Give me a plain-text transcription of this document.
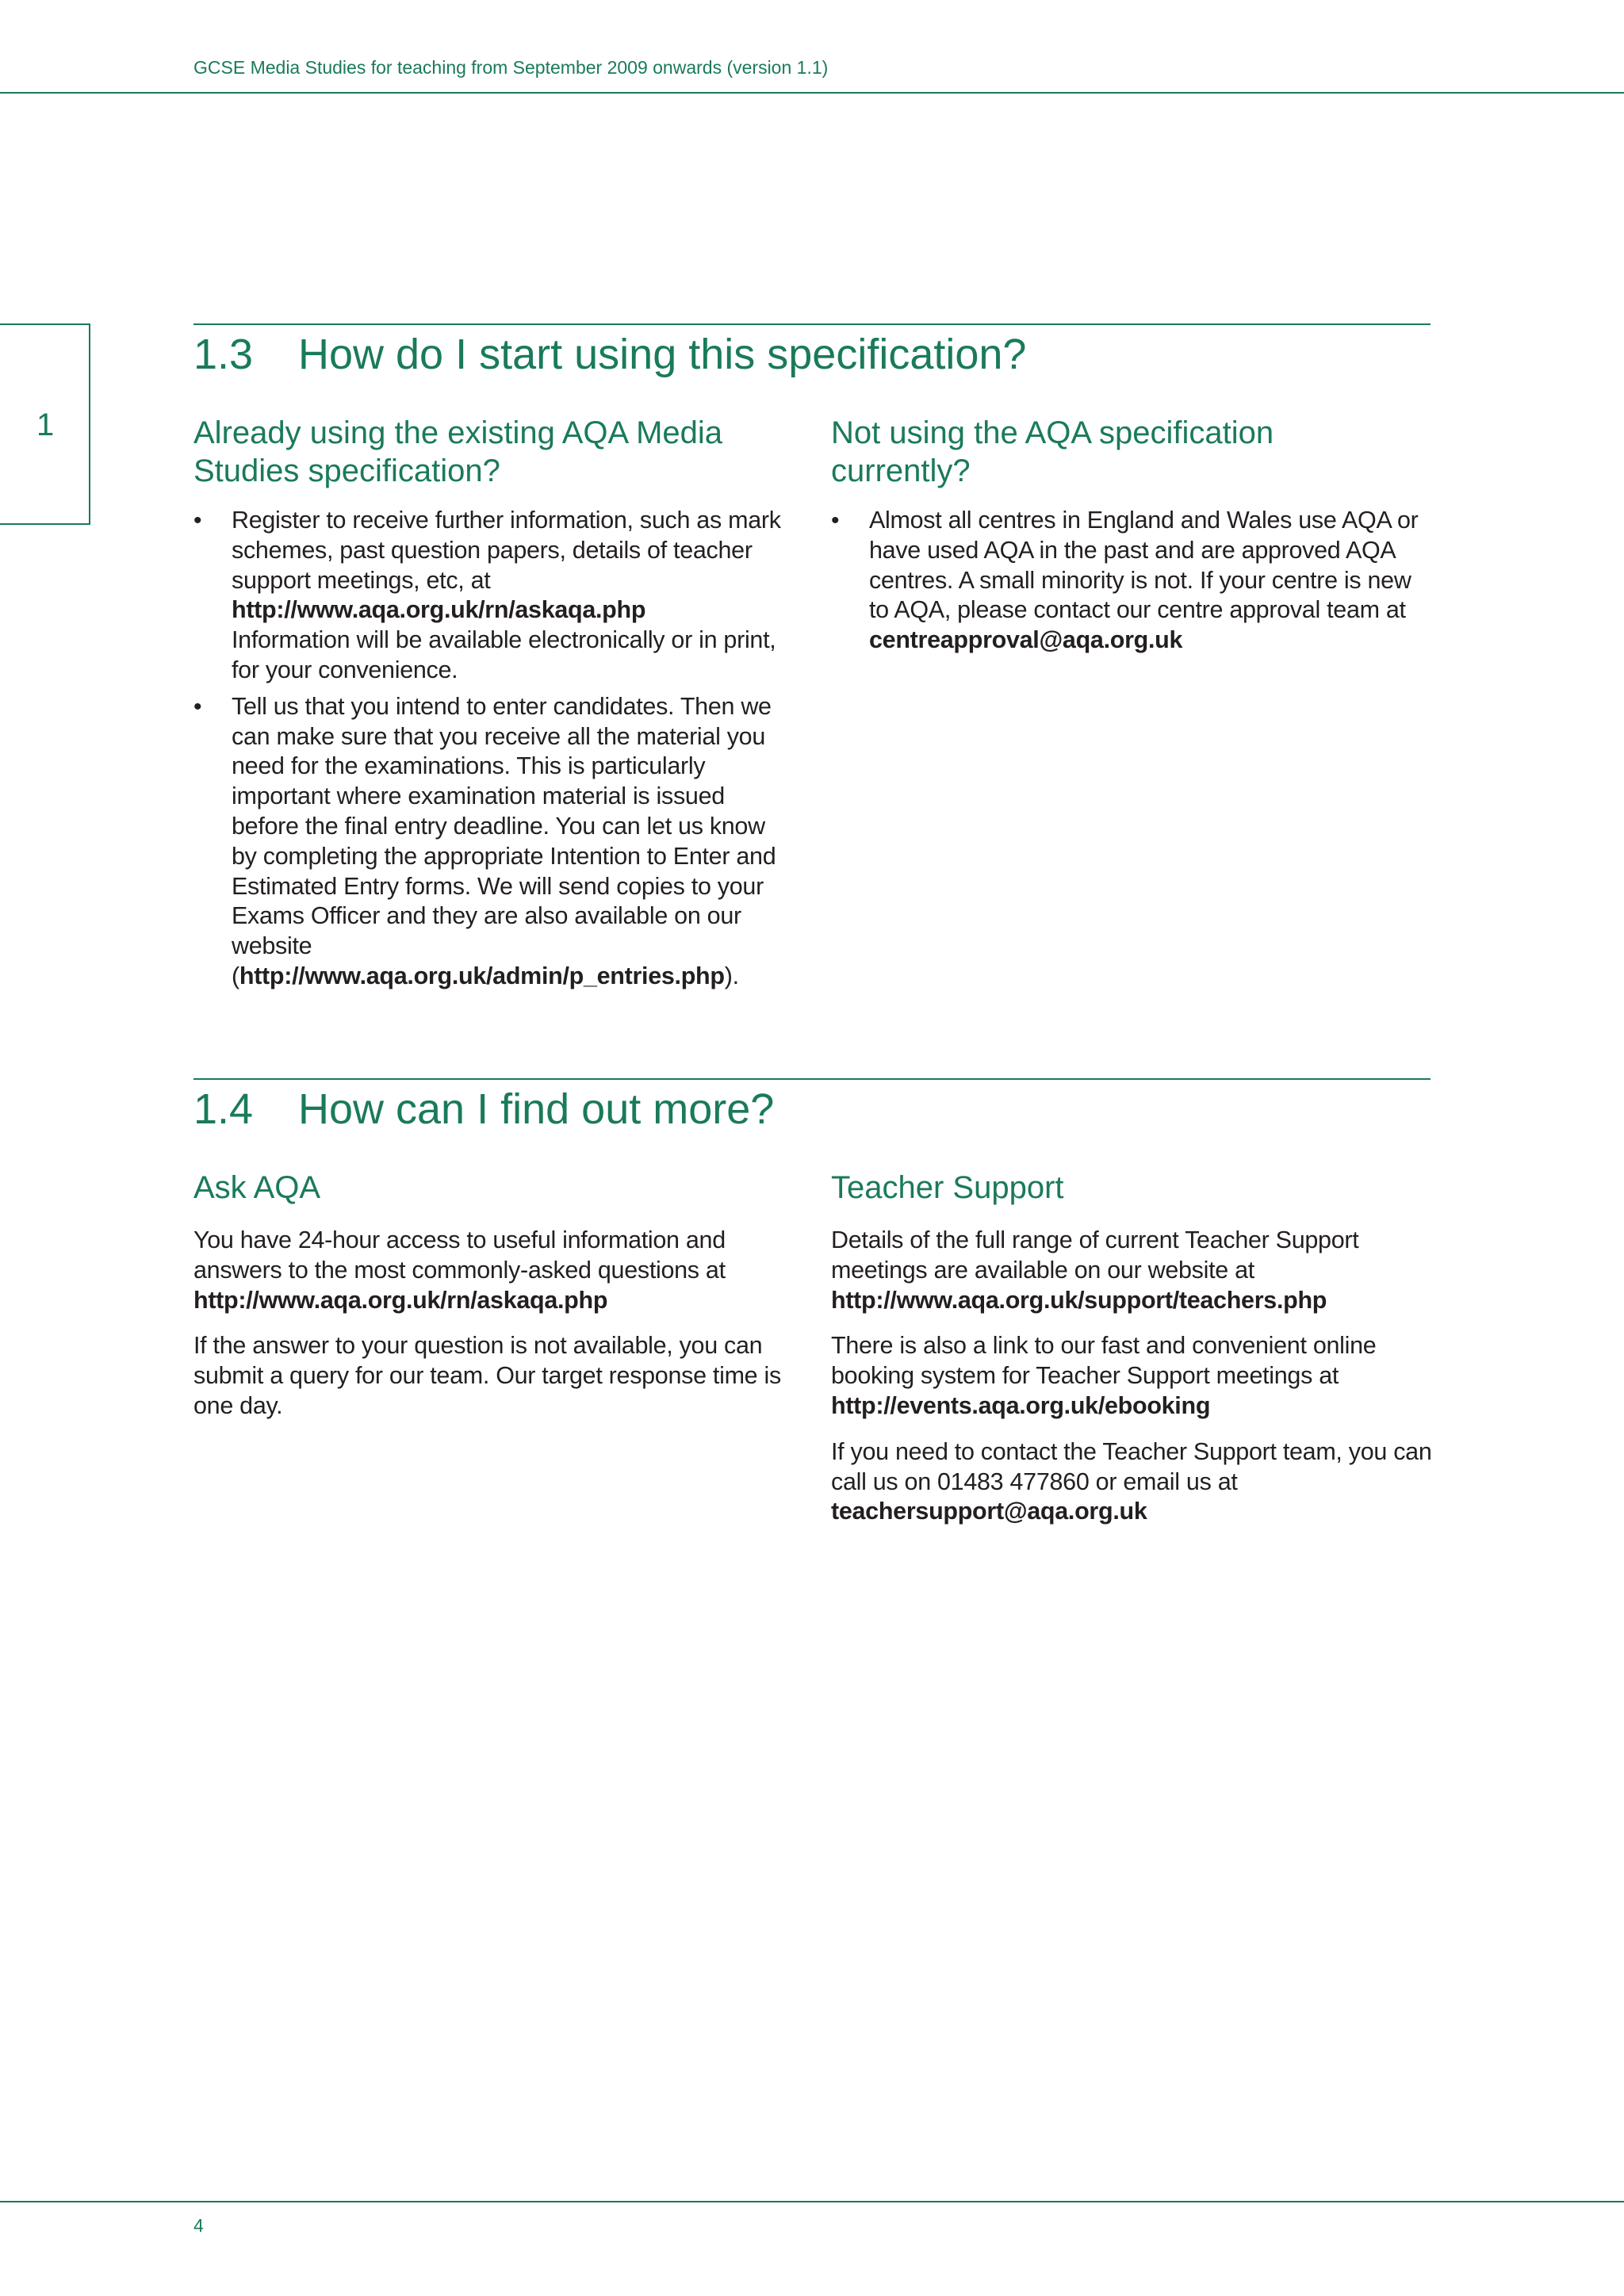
GCSE Media Studies for teaching from September 2009 onwards (version 1.1)
1
1.3 How do I start using this specification?
Already using the existing AQA Media
Studies specification?
• Register to receive further information, such as mark schemes, past question papers, details of teacher support meetings, etc, at
http://www.aqa.org.uk/rn/askaqa.php
Information will be available electronically or in print, for your convenience.
• Tell us that you intend to enter candidates. Then we can make sure that you receive all the material you need for the examinations. This is particularly important where examination material is issued before the final entry deadline. You can let us know by completing the appropriate Intention to Enter and Estimated Entry forms. We will send copies to your Exams Officer and they are also available on our website
(http://www.aqa.org.uk/admin/p_entries.php).
Not using the AQA specification
currently?
• Almost all centres in England and Wales use AQA or have used AQA in the past and are approved AQA centres. A small minority is not. If your centre is new to AQA, please contact our centre approval team at
centreapproval@aqa.org.uk
1.4 How can I find out more?
Ask AQA

You have 24-hour access to useful information and answers to the most commonly-asked questions at
http://www.aqa.org.uk/rn/askaqa.php

If the answer to your question is not available, you can submit a query for our team. Our target response time is one day.

Teacher Support

Details of the full range of current Teacher Support meetings are available on our website at
http://www.aqa.org.uk/support/teachers.php

There is also a link to our fast and convenient online booking system for Teacher Support meetings at
http://events.aqa.org.uk/ebooking

If you need to contact the Teacher Support team, you can call us on 01483 477860 or email us at
teachersupport@aqa.org.uk

4
